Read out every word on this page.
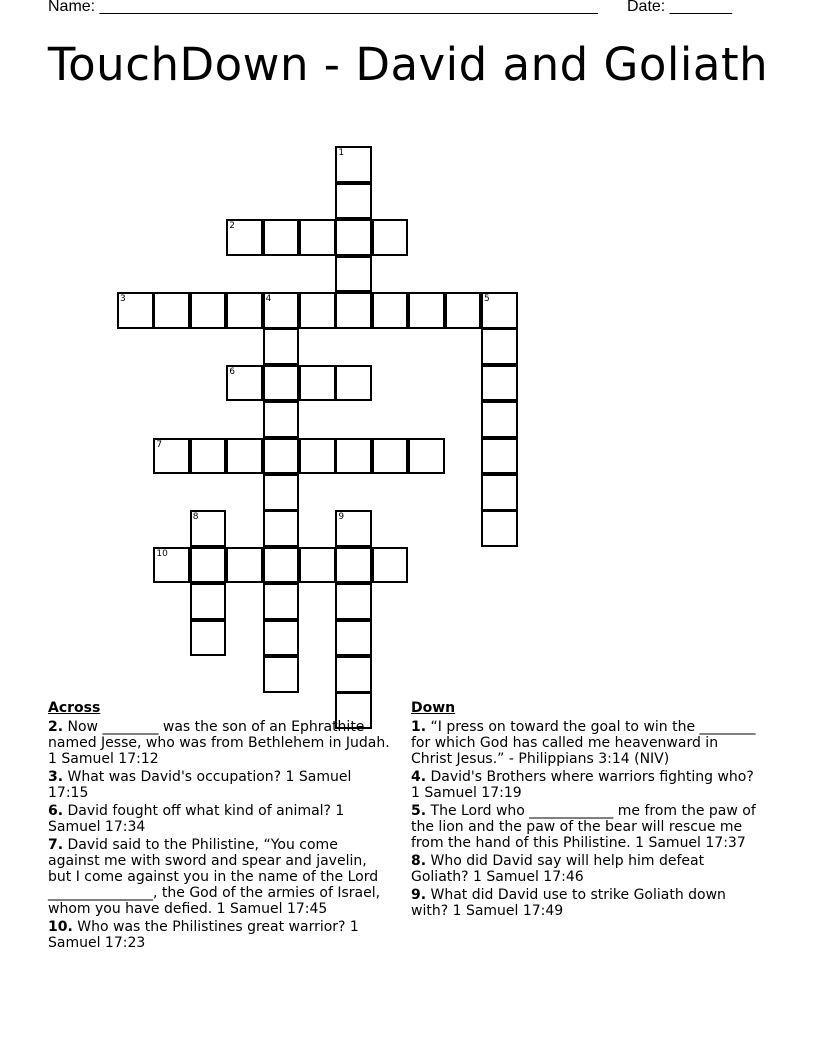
Name: ________________________________________________________ Date: _______
TouchDown - David and Goliath
1
2
3	4	5
6
7
8	9
10
Across
2. Now ________ was the son of an Ephrathite named Jesse, who was from Bethlehem in Judah. 1 Samuel 17:12
3. What was David's occupation? 1 Samuel 17:15
6. David fought off what kind of animal? 1 Samuel 17:34
7. David said to the Philistine, “You come against me with sword and spear and javelin, but I come against you in the name of the Lord _______________, the God of the armies of Israel, whom you have defied. 1 Samuel 17:45
10. Who was the Philistines great warrior? 1 Samuel 17:23
Down
1. “I press on toward the goal to win the ________ for which God has called me heavenward in Christ Jesus.” - Philippians 3:14 (NIV)
4. David's Brothers where warriors fighting who? 1 Samuel 17:19
5. The Lord who ____________ me from the paw of the lion and the paw of the bear will rescue me from the hand of this Philistine. 1 Samuel 17:37
8. Who did David say will help him defeat Goliath? 1 Samuel 17:46
9. What did David use to strike Goliath down with? 1 Samuel 17:49
